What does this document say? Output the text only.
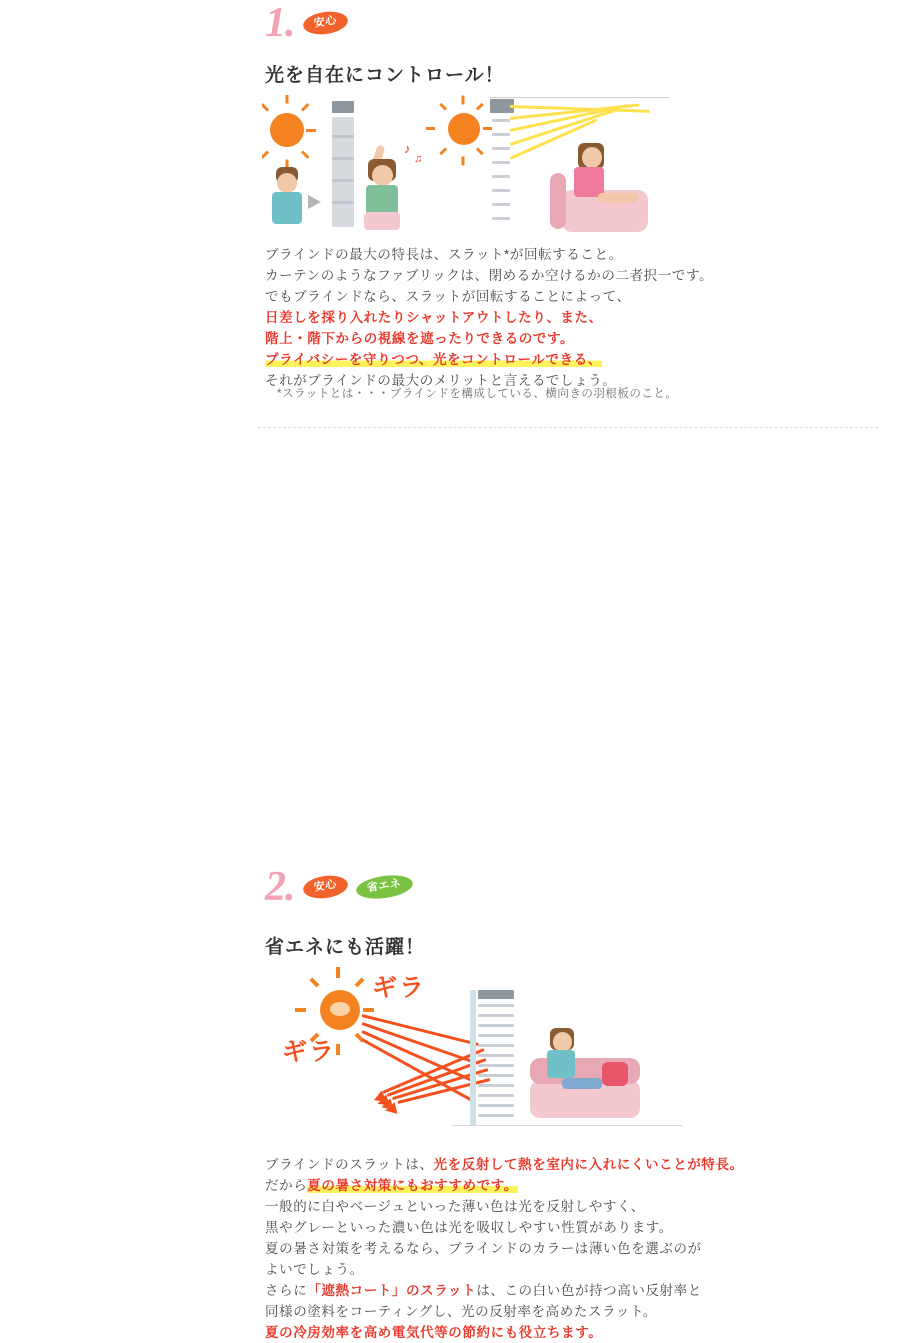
1.	安心
光を自在にコントロール！
♪
♫
ブラインドの最大の特長は、スラット*が回転すること。
カーテンのようなファブリックは、閉めるか空けるかの二者択一です。
でもブラインドなら、スラットが回転することによって、
日差しを採り入れたりシャットアウトしたり、また、
階上・階下からの視線を遮ったりできるのです。
プライバシーを守りつつ、光をコントロールできる、
それがブラインドの最大のメリットと言えるでしょう。
*スラットとは・・・ブラインドを構成している、横向きの羽根板のこと。
2.	安心	省エネ
省エネにも活躍！
ギラ
ギラ
ブラインドのスラットは、光を反射して熱を室内に入れにくいことが特長。
だから夏の暑さ対策にもおすすめです。
一般的に白やベージュといった薄い色は光を反射しやすく、
黒やグレーといった濃い色は光を吸収しやすい性質があります。
夏の暑さ対策を考えるなら、ブラインドのカラーは薄い色を選ぶのが
よいでしょう。
さらに「遮熱コート」のスラットは、この白い色が持つ高い反射率と
同様の塗料をコーティングし、光の反射率を高めたスラット。
夏の冷房効率を高め電気代等の節約にも役立ちます。
